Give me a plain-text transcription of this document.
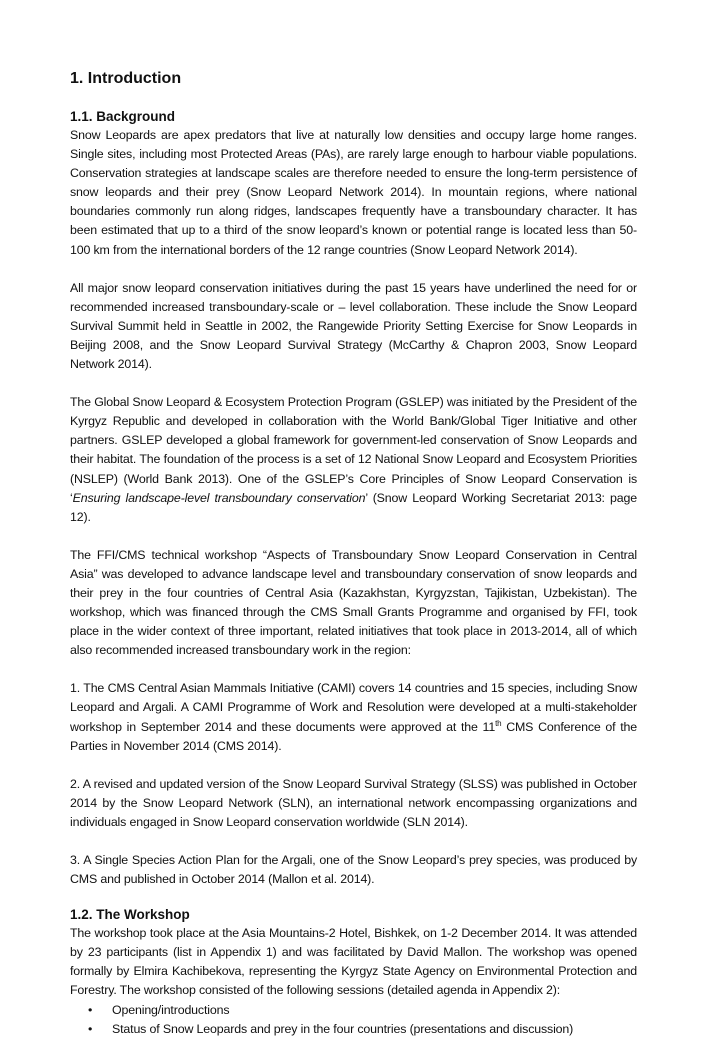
1. Introduction
1.1. Background

Snow Leopards are apex predators that live at naturally low densities and occupy large home ranges. Single sites, including most Protected Areas (PAs), are rarely large enough to harbour viable populations. Conservation strategies at landscape scales are therefore needed to ensure the long-term persistence of snow leopards and their prey (Snow Leopard Network 2014). In mountain regions, where national boundaries commonly run along ridges, landscapes frequently have a transboundary character. It has been estimated that up to a third of the snow leopard’s known or potential range is located less than 50-100 km from the international borders of the 12 range countries (Snow Leopard Network 2014).

All major snow leopard conservation initiatives during the past 15 years have underlined the need for or recommended increased transboundary-scale or – level collaboration. These include the Snow Leopard Survival Summit held in Seattle in 2002, the Rangewide Priority Setting Exercise for Snow Leopards in Beijing 2008, and the Snow Leopard Survival Strategy (McCarthy & Chapron 2003, Snow Leopard Network 2014).

The Global Snow Leopard & Ecosystem Protection Program (GSLEP) was initiated by the President of the Kyrgyz Republic and developed in collaboration with the World Bank/Global Tiger Initiative and other partners. GSLEP developed a global framework for government-led conservation of Snow Leopards and their habitat. The foundation of the process is a set of 12 National Snow Leopard and Ecosystem Priorities (NSLEP) (World Bank 2013). One of the GSLEP’s Core Principles of Snow Leopard Conservation is ‘Ensuring landscape-level transboundary conservation’ (Snow Leopard Working Secretariat 2013: page 12).

The FFI/CMS technical workshop “Aspects of Transboundary Snow Leopard Conservation in Central Asia” was developed to advance landscape level and transboundary conservation of snow leopards and their prey in the four countries of Central Asia (Kazakhstan, Kyrgyzstan, Tajikistan, Uzbekistan). The workshop, which was financed through the CMS Small Grants Programme and organised by FFI, took place in the wider context of three important, related initiatives that took place in 2013-2014, all of which also recommended increased transboundary work in the region:

1. The CMS Central Asian Mammals Initiative (CAMI) covers 14 countries and 15 species, including Snow Leopard and Argali. A CAMI Programme of Work and Resolution were developed at a multi-stakeholder workshop in September 2014 and these documents were approved at the 11th CMS Conference of the Parties in November 2014 (CMS 2014).

2. A revised and updated version of the Snow Leopard Survival Strategy (SLSS) was published in October 2014 by the Snow Leopard Network (SLN), an international network encompassing organizations and individuals engaged in Snow Leopard conservation worldwide (SLN 2014).

3. A Single Species Action Plan for the Argali, one of the Snow Leopard’s prey species, was produced by CMS and published in October 2014 (Mallon et al. 2014).

1.2. The Workshop

The workshop took place at the Asia Mountains-2 Hotel, Bishkek, on 1-2 December 2014. It was attended by 23 participants (list in Appendix 1) and was facilitated by David Mallon. The workshop was opened formally by Elmira Kachibekova, representing the Kyrgyz State Agency on Environmental Protection and Forestry. The workshop consisted of the following sessions (detailed agenda in Appendix 2):

• Opening/introductions
• Status of Snow Leopards and prey in the four countries (presentations and discussion)
